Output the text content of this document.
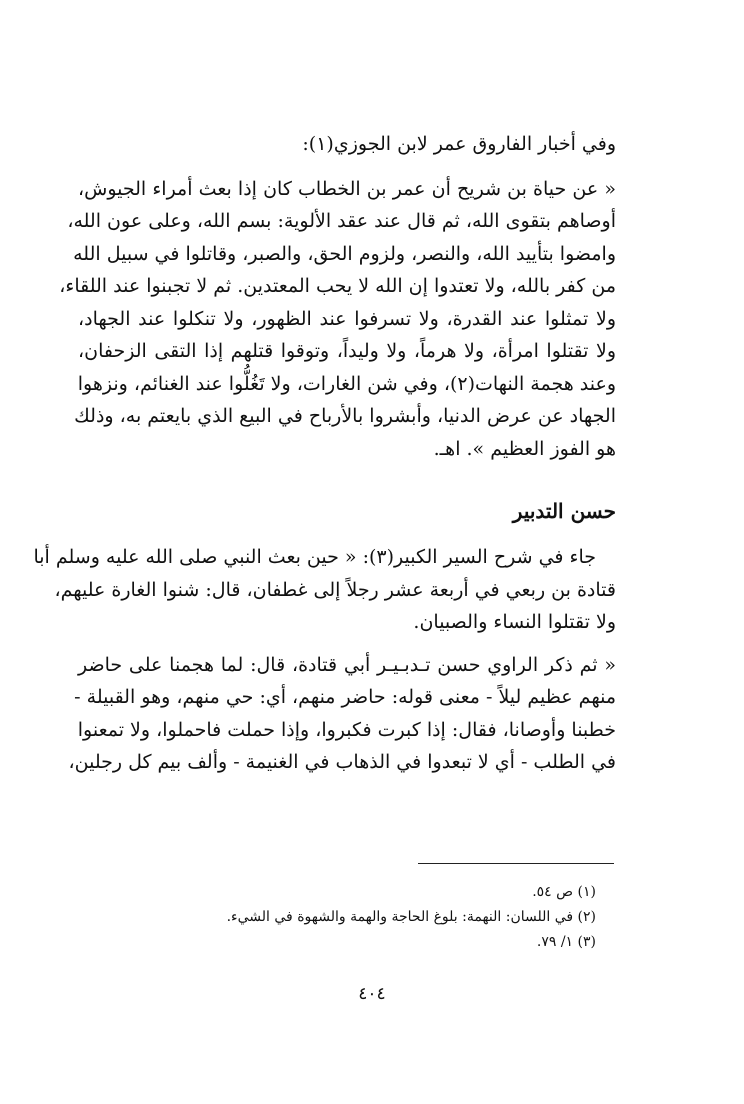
وفي أخبار الفاروق عمر لابن الجوزي(١):
« عن حياة بن شريح أن عمر بن الخطاب كان إذا بعث أمراء الجيوش،
أوصاهم بتقوى الله، ثم قال عند عقد الألوية: بسم الله، وعلى عون الله،
وامضوا بتأييد الله، والنصر، ولزوم الحق، والصبر، وقاتلوا في سبيل الله
من كفر بالله، ولا تعتدوا إن الله لا يحب المعتدين. ثم لا تجبنوا عند اللقاء،
ولا تمثلوا عند القدرة، ولا تسرفوا عند الظهور، ولا تنكلوا عند الجهاد،
ولا تقتلوا امرأة، ولا هرماً، ولا وليداً، وتوقوا قتلهم إذا التقى الزحفان،
وعند هجمة النهات(٢)، وفي شن الغارات، ولا تَغُلُّوا عند الغنائم، ونزهوا
الجهاد عن عرض الدنيا، وأبشروا بالأرباح في البيع الذي بايعتم به، وذلك
هو الفوز العظيم ». اهـ.
حسن التدبير
جاء في شرح السير الكبير(٣): « حين بعث النبي صلى الله عليه وسلم أبا
قتادة بن ربعي في أربعة عشر رجلاً إلى غطفان، قال: شنوا الغارة عليهم،
ولا تقتلوا النساء والصبيان.
« ثم ذكر الراوي حسن تـدبـيـر أبي قتادة، قال: لما هجمنا على حاضر
منهم عظيم ليلاً - معنى قوله: حاضر منهم، أي: حي منهم، وهو القبيلة -
خطبنا وأوصانا، فقال: إذا كبرت فكبروا، وإذا حملت فاحملوا، ولا تمعنوا
في الطلب - أي لا تبعدوا في الذهاب في الغنيمة - وألف بيم كل رجلين،
(١) ص ٥٤.
(٢) في اللسان: النهمة: بلوغ الحاجة والهمة والشهوة في الشيء.
(٣) ١/ ٧٩.
٤٠٤
